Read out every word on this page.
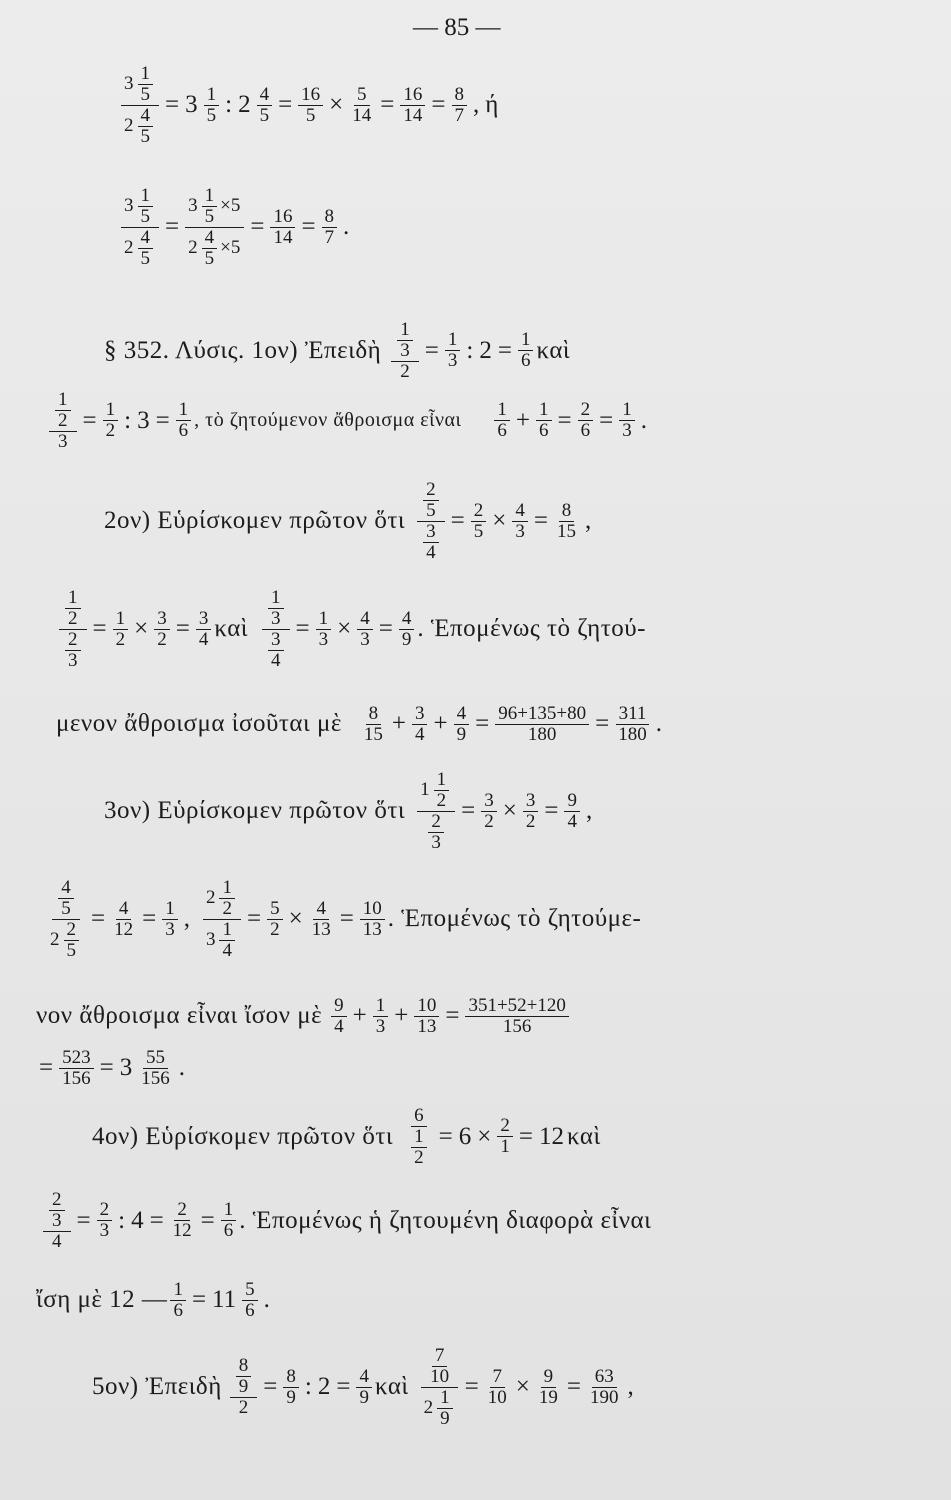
— 85 —
3 1
5
2 4
5 = 3 1
5 : $2 \frac{4}{5} = \frac{16}{5} \times \frac{5}{14} = \frac{16}{14} = \frac{8}{7}$ , ή
3 1
5
2 4
$5 = \frac{3 \frac{1}{5} \times 5}{2 \frac{4}{5} \times 5} = \frac{16}{14} = \frac{8}{7}$ .
§ 352. Λύσις. 1ον) Ἐπειδὴ $\frac{\frac{1}{3}}{2} = \frac{1}{3}$ : $2 = \frac{1}{6}$ καὶ
$\frac{\frac{1}{2}}{3} = \frac{1}{2}$ : $3 = \frac{1}{6}$ , τὸ ζητούμενον ἄθροισμα εἶναι 1
$6 + \frac{1}{6} = \frac{2}{6} = \frac{1}{3}$ .
2ον) Εὑρίσκομεν πρῶτον ὅτι $\frac{\frac{2}{5}}{\frac{3}{4}} = \frac{2}{5} \times \frac{4}{3} = \frac{8}{15}$ ,
$\frac{\frac{1}{2}}{\frac{2}{3}} = \frac{1}{2} \times \frac{3}{2} = \frac{3}{4}$ καὶ $\frac{\frac{1}{3}}{\frac{3}{4}} = \frac{1}{3} \times \frac{4}{3} = \frac{4}{9}$ . Ἑπομένως τὸ ζητού-
μενον ἄθροισμα ἰσοῦται μὲ 8
$15 + \frac{3}{4} + \frac{4}{9} = \frac{96+135+80}{180} = \frac{311}{180}$ .
3ον) Εὑρίσκομεν πρῶτον ὅτι 1 1
2
$\frac{2}{3} = \frac{3}{2} \times \frac{3}{2} = \frac{9}{4}$ ,
$\frac{4}{5}$
2 2
$5 = \frac{4}{12} = \frac{1}{3}$ , 2 1
2
3 1
$4 = \frac{5}{2} \times \frac{4}{13} = \frac{10}{13}$ . Ἑπομένως τὸ ζητούμε-
νον ἄθροισμα εἶναι ἴσον μὲ 9
$4 + \frac{1}{3} + \frac{10}{13} = \frac{351+52+120}{156}$
= $\frac{523}{156} = 3$ 55
156 .
4ον) Εὑρίσκομεν πρῶτον ὅτι $\frac{6}{\frac{1}{2}} = 6 \times \frac{2}{1} = 12$ καὶ
$\frac{\frac{2}{3}}{4} = \frac{2}{3}$ : $4 = \frac{2}{12} = \frac{1}{6}$ . Ἑπομένως ἡ ζητουμένη διαφορὰ εἶναι
ἴση μὲ 12 — $\frac{1}{6} = 11$ 5
6 .
5ον) Ἐπειδὴ $\frac{\frac{8}{9}}{2} = \frac{8}{9}$ : $2 = \frac{4}{9}$ καὶ $\frac{7}{10}$
2 1
$9 = \frac{7}{10} \times \frac{9}{19} = \frac{63}{190}$ ,
